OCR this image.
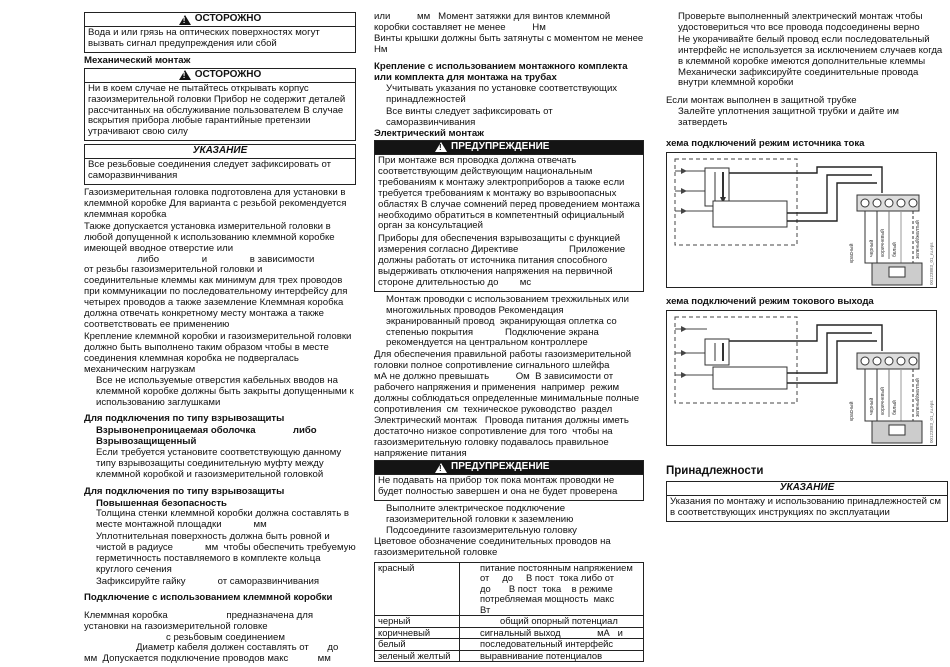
!
ОСТОРОЖНО
Вода и или грязь на оптических поверхностях могут вызвать сигнал предупреждения или сбой
Механический монтаж
!
ОСТОРОЖНО
Ни в коем случае не пытайтесь открывать корпус газоизмерительной головки Прибор не содержит деталей рассчитанных на обслуживание пользователем В случае вскрытия прибора любые гарантийные претензии утрачивают свою силу
УКАЗАНИЕ
Все резьбовые соединения следует зафиксировать от саморазвинчивания
Газоизмерительная головка подготовлена для установки в клеммной коробке Для варианта с резьбой рекомендуется клеммная коробка
Также допускается установка измерительной головки в любой допущенной к использованию клеммной коробке имеющей вводное отверстие или
либо                и                в зависимости
от резьбы газоизмерительной головки и
соединительные клеммы как минимум для трех проводов при коммуникации по последовательному интерфейсу для четырех проводов а также заземление Клеммная коробка должна отвечать конкретному месту монтажа а также соответствовать ее применению
Крепление клеммной коробки и газоизмерительной головки должно быть выполнено таким образом чтобы в месте соединения клеммная коробка не подвергалась механическим нагрузкам
Все не используемые отверстия кабельных вводов на клеммной коробке должны быть закрыты допущенными к использованию заглушками
Для подключения по типу взрывозащиты
Взрывонепроницаемая оболочка              либо
Взрывозащищенный
Если требуется установите соответствующую данному типу взрывозащиты соединительную муфту между клеммной коробкой и газоизмерительной головкой
Для подключения по типу взрывозащиты
Повышенная безопасность
Толщина стенки клеммной коробки должна составлять в месте монтажной площадки            мм
Уплотнительная поверхность должна быть ровной и чистой в радиусе            мм  чтобы обеспечить требуемую герметичность поставляемого в комплекте кольца круглого сечения
Зафиксируйте гайку            от саморазвинчивания
Подключение с использованием клеммной коробки
Клеммная коробка                      предназначена для установки на газоизмерительной головке
с резьбовым соединением
Диаметр кабеля должен составлять от       до
мм  Допускается подключение проводов макс           мм
или          мм   Момент затяжки для винтов клеммной коробки составляет не менее          Нм
Винты крышки должны быть затянуты с моментом не менее        Нм
Крепление с использованием монтажного комплекта                                  или комплекта для монтажа на трубах
Учитывать указания по установке соответствующих принадлежностей
Все винты следует зафиксировать от саморазвинчивания
Электрический монтаж
!
ПРЕДУПРЕЖДЕНИЕ
При монтаже вся проводка должна отвечать соответствующим действующим национальным требованиям к монтажу электроприборов а также если требуется требованиям к монтажу во взрывоопасных областях В случае сомнений перед проведением монтажа необходимо обратиться в компетентный официальный орган за консультацией
Приборы для обеспечения взрывозащиты с функцией измерения согласно Директиве                   Приложение                    должны работать от источника питания способного выдерживать отключения напряжения на первичной стороне длительностью до        мс
Монтаж проводки с использованием трехжильных или многожильных проводов Рекомендация
экранированный провод  экранирующая оплетка со степенью покрытия            Подключение экрана рекомендуется на центральном контроллере
Для обеспечения правильной работы газоизмерительной головки полное сопротивление сигнального шлейфа               мА не должно превышать          Ом  В зависимости от рабочего напряжения и применения  например  режим               должны соблюдаться определенные минимальные полные сопротивления  см  техническое руководство  раздел  Электрический монтаж   Провода питания должны иметь достаточно низкое сопротивление для того  чтобы на газоизмерительную головку подавалось правильное напряжение питания
!
ПРЕДУПРЕЖДЕНИЕ
Не подавать на прибор ток пока монтаж проводки не будет полностью завершен и она не будет проверена
Выполните электрическое подключение газоизмерительной головки к заземлению
Подсоедините газоизмерительную головку
Цветовое обозначение соединительных проводов на газоизмерительной головке
красный	питание постоянным напряжением от     до     В пост  тока либо от      до       В пост  тока    в режиме                 потребляемая мощность  макс        Вт
черный	общий опорный потенциал
коричневый	сигнальный выход              мА   и
белый	последовательный интерфейс
зеленый желтый	выравнивание потенциалов
Проверьте выполненный электрический монтаж чтобы удостовериться что все провода подсоединены верно
Не укорачивайте белый провод если последовательный интерфейс не используется за исключением случаев когда в клеммной коробке имеются дополнительные клеммы
Механически зафиксируйте соединительные провода внутри клеммной коробки
Если монтаж выполнен в защитной трубке
Залейте уплотнения защитной трубки и дайте им затвердеть
хема подключений режим источника тока
красный	черный коричневый белый	зеленый/желтый
00123883_01_ru.eps
хема подключений режим токового выхода
красный	черный коричневый белый	зеленый/желтый
00123883_01_ru.eps
Принадлежности
УКАЗАНИЕ
Указания по монтажу и использованию принадлежностей см в соответствующих инструкциях по эксплуатации
